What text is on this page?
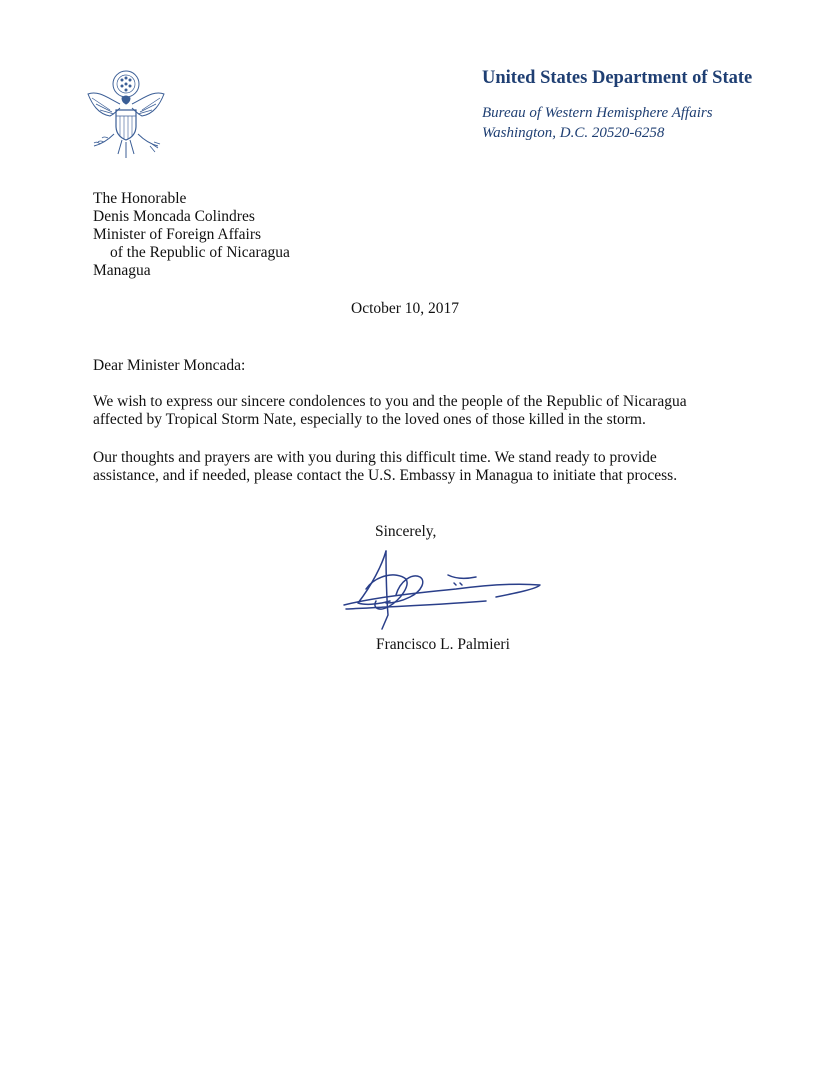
United States Department of State
Bureau of Western Hemisphere Affairs
Washington, D.C. 20520-6258
The Honorable
Denis Moncada Colindres
Minister of Foreign Affairs
of the Republic of Nicaragua
Managua
October 10, 2017
Dear Minister Moncada:
We wish to express our sincere condolences to you and the people of the Republic of Nicaragua
affected by Tropical Storm Nate, especially to the loved ones of those killed in the storm.
Our thoughts and prayers are with you during this difficult time. We stand ready to provide
assistance, and if needed, please contact the U.S. Embassy in Managua to initiate that process.
Sincerely,
Francisco L. Palmieri
